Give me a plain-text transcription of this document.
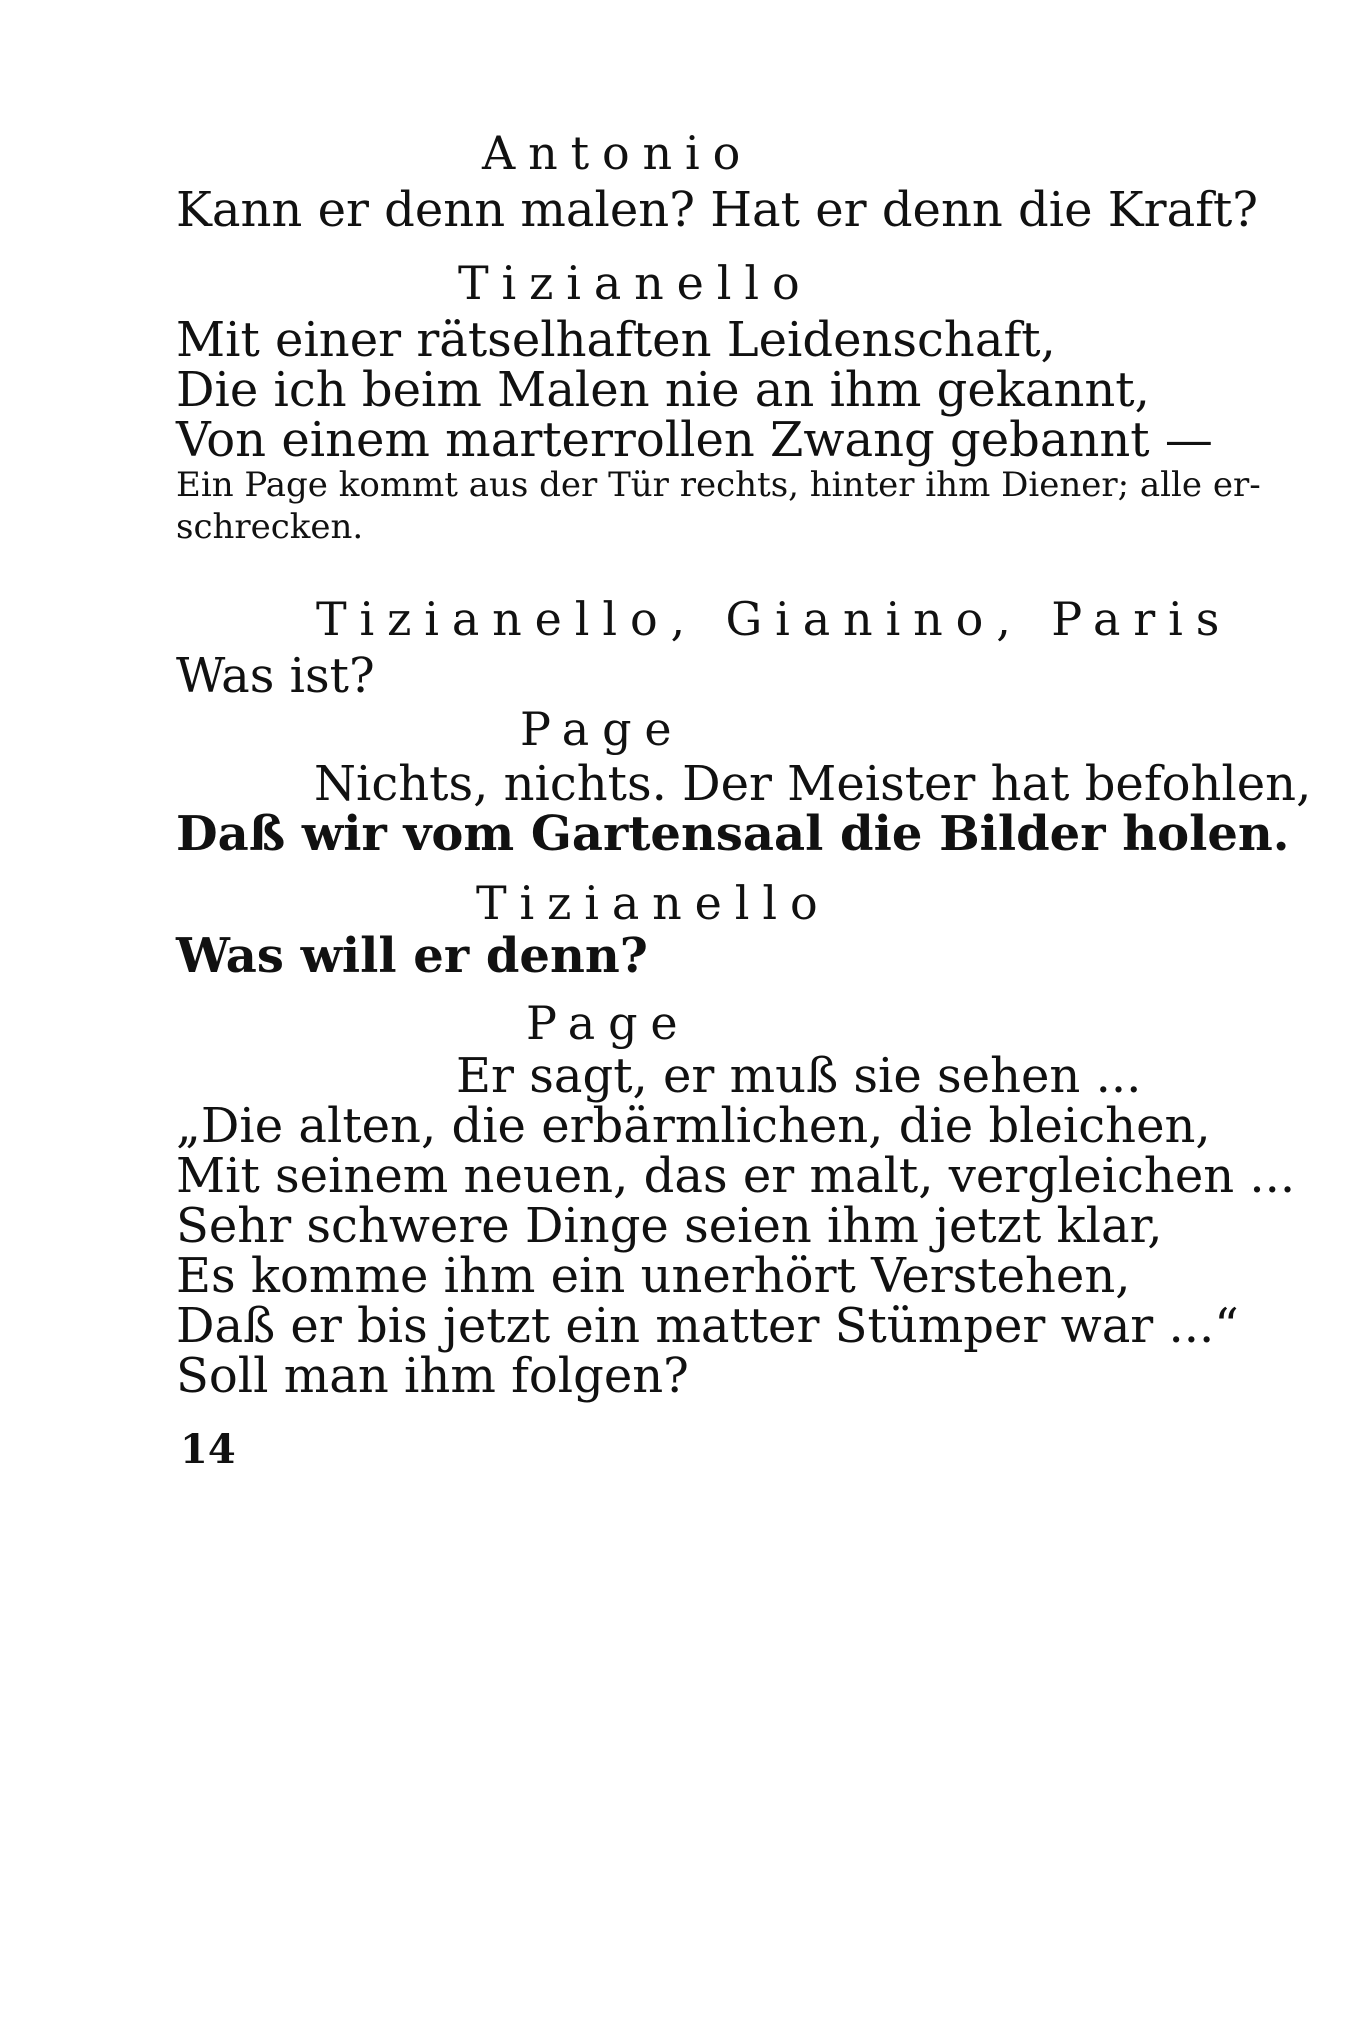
Antonio
Kann er denn malen? Hat er denn die Kraft?
Tizianello
Mit einer rätselhaften Leidenschaft,
Die ich beim Malen nie an ihm gekannt,
Von einem marterrollen Zwang gebannt —
Ein Page kommt aus der Tür rechts, hinter ihm Diener; alle er-
schrecken.
Tizianello, Gianino, Paris
Was ist?
Page
Nichts, nichts. Der Meister hat befohlen,
Daß wir vom Gartensaal die Bilder holen.
Tizianello
Was will er denn?
Page
Er sagt, er muß sie sehen ...
„Die alten, die erbärmlichen, die bleichen,
Mit seinem neuen, das er malt, vergleichen ...
Sehr schwere Dinge seien ihm jetzt klar,
Es komme ihm ein unerhört Verstehen,
Daß er bis jetzt ein matter Stümper war ...“
Soll man ihm folgen?
14
